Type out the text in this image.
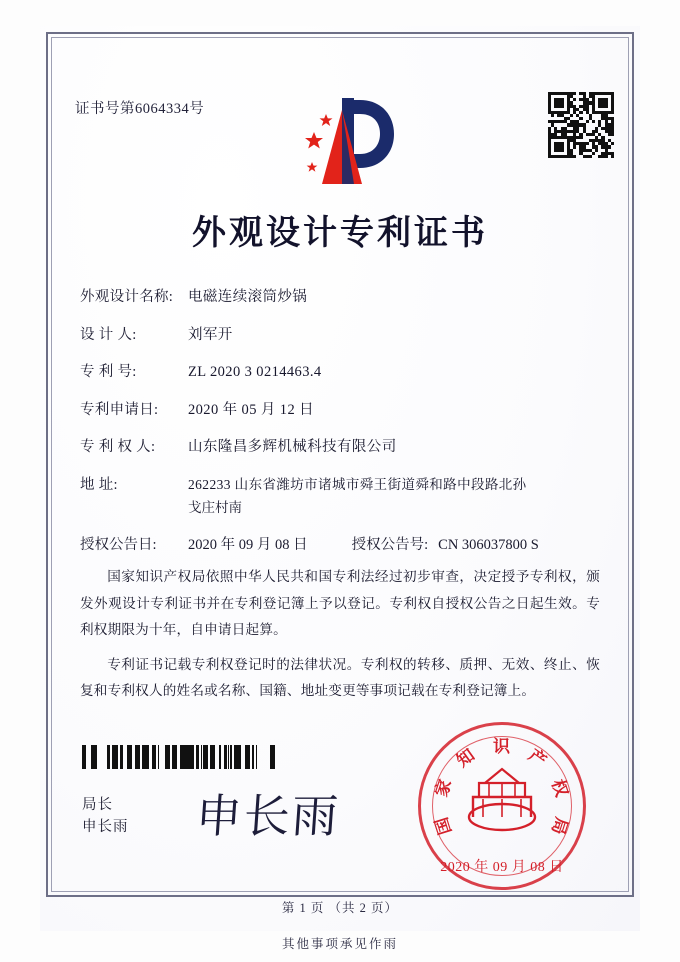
证书号第6064334号
外观设计专利证书
外观设计名称:	电磁连续滚筒炒锅
设 计 人:	刘军开
专 利 号:	ZL 2020 3 0214463.4
专利申请日:	2020 年 05 月 12 日
专 利 权 人:	山东隆昌多辉机械科技有限公司
地 址:	262233 山东省潍坊市诸城市舜王街道舜和路中段路北孙
戈庄村南
授权公告日:	2020 年 09 月 08 日	授权公告号: CN 306037800 S

国家知识产权局依照中华人民共和国专利法经过初步审查，决定授予专利权，颁发外观设计专利证书并在专利登记簿上予以登记。专利权自授权公告之日起生效。专利权期限为十年，自申请日起算。

专利证书记载专利权登记时的法律状况。专利权的转移、质押、无效、终止、恢复和专利权人的姓名或名称、国籍、地址变更等事项记载在专利登记簿上。

局长
申长雨 申长雨
2020 年 09 月 08 日
国
家
知 识 产
权
局
第 1 页 （共 2 页）
其他事项承见作雨
